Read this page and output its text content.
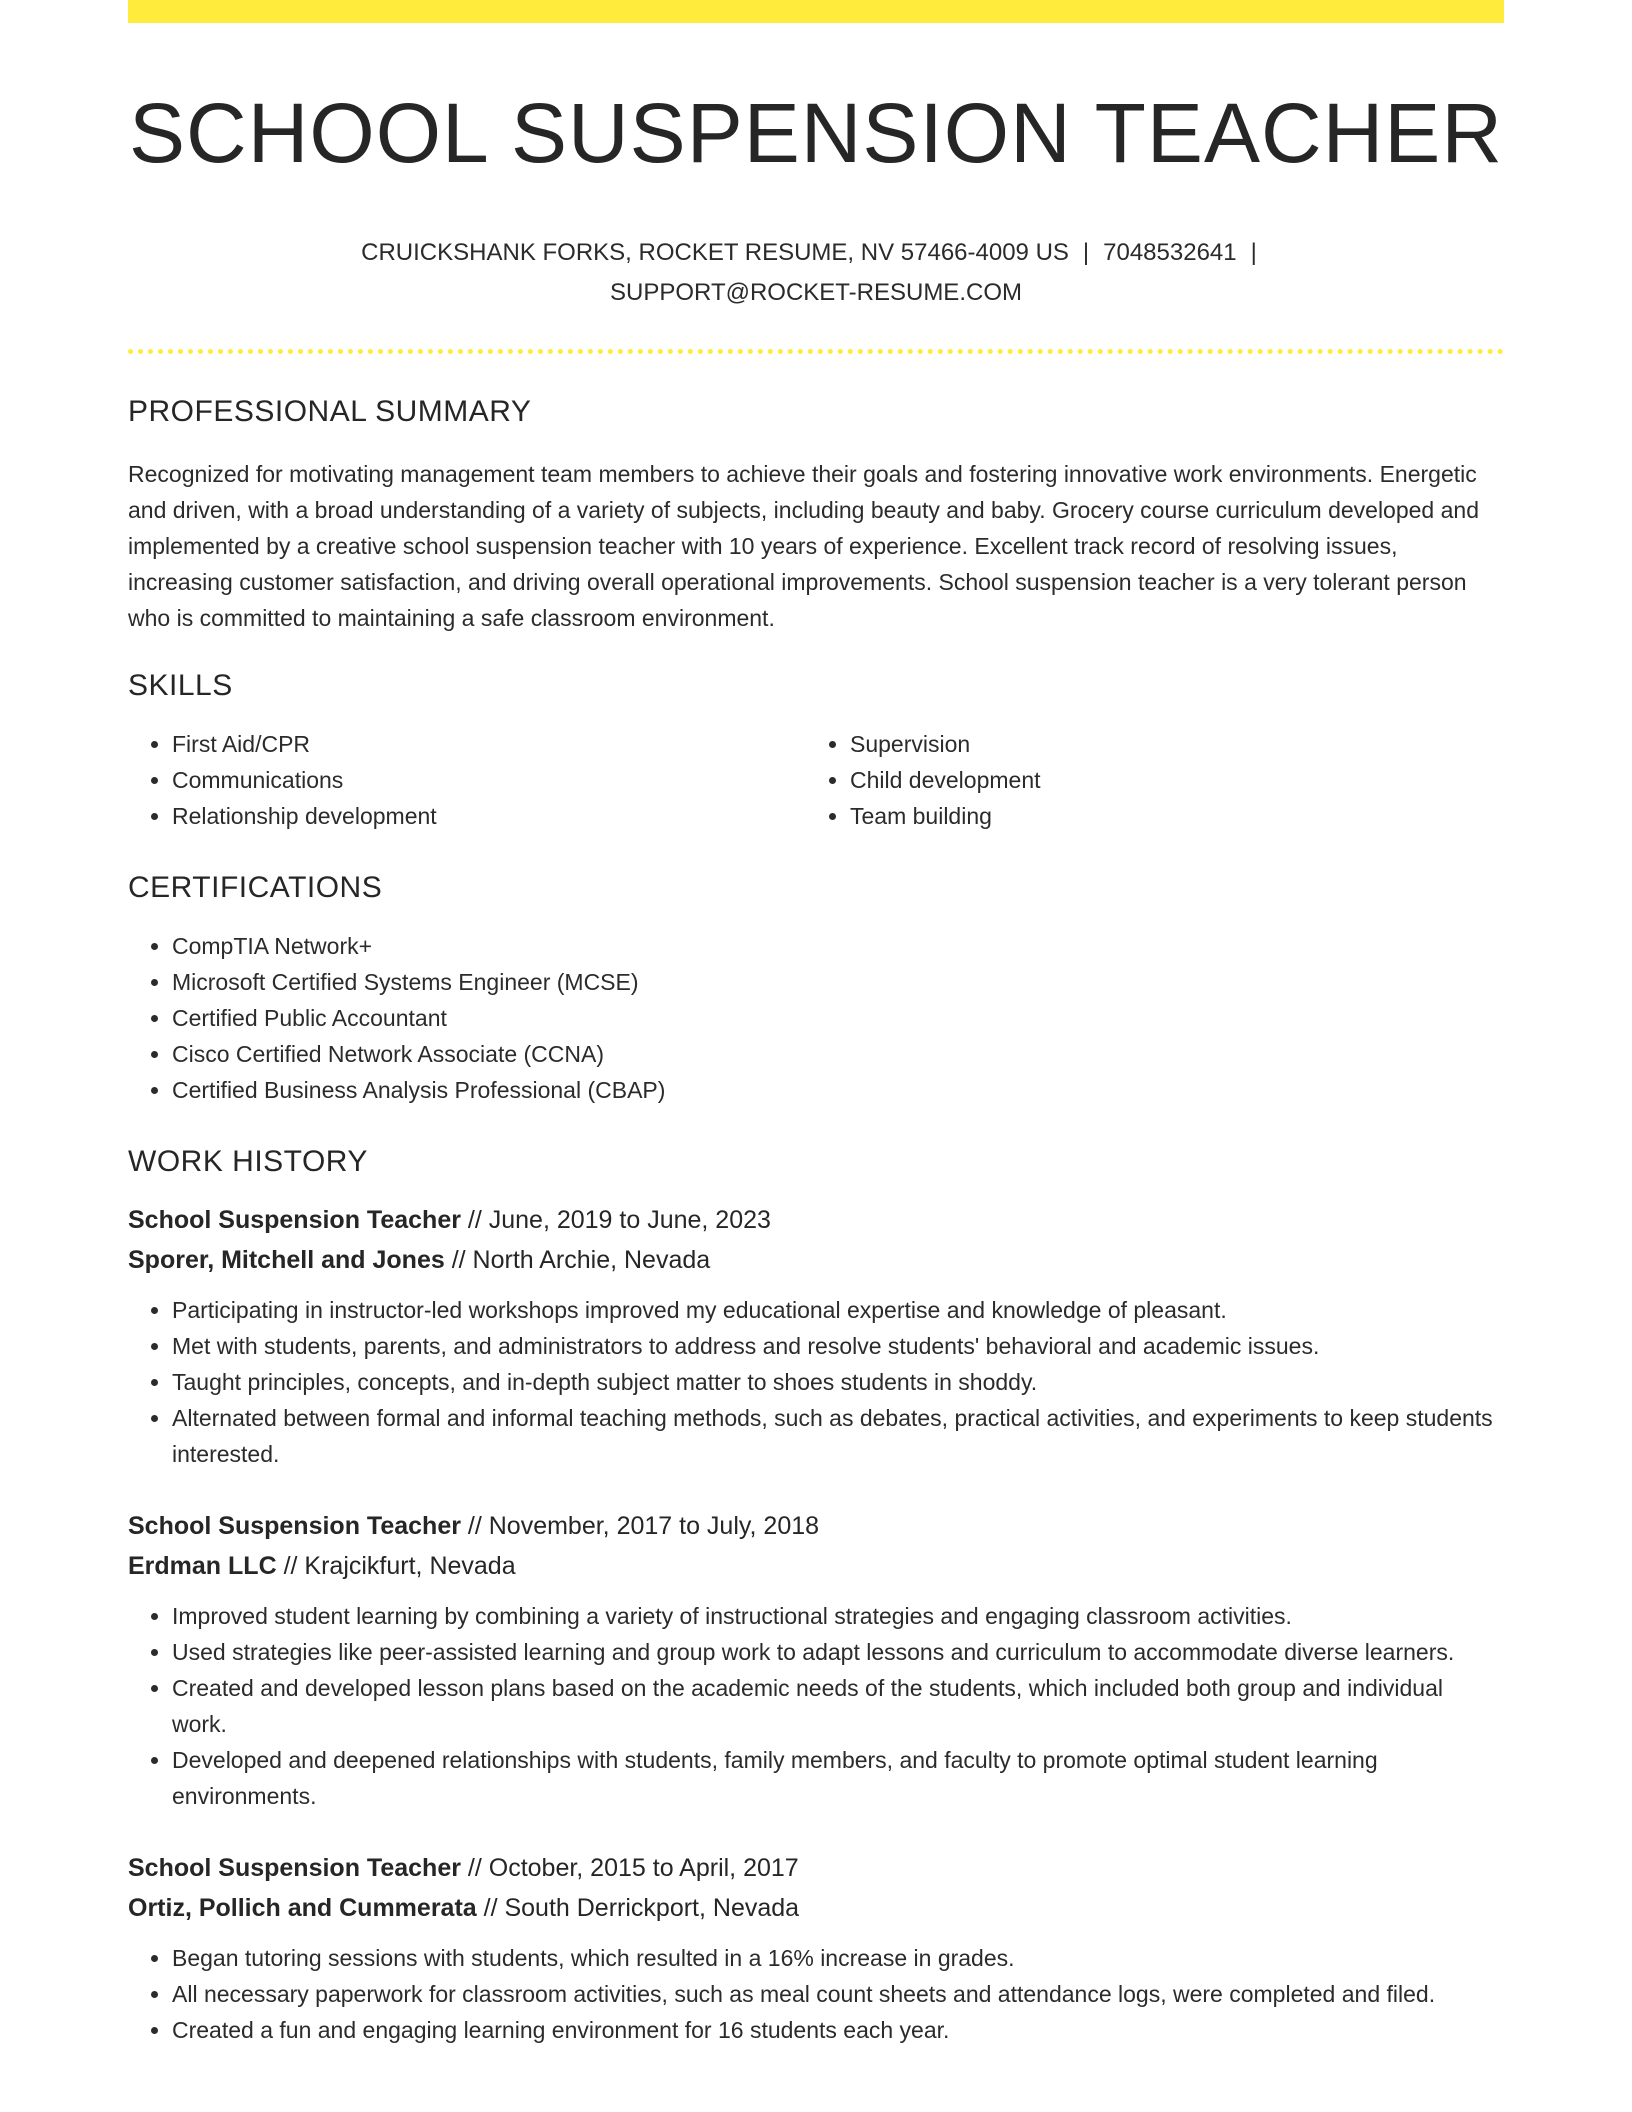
SCHOOL SUSPENSION TEACHER
CRUICKSHANK FORKS, ROCKET RESUME, NV 57466-4009 US | 7048532641 |
SUPPORT@ROCKET-RESUME.COM
PROFESSIONAL SUMMARY

Recognized for motivating management team members to achieve their goals and fostering innovative work environments. Energetic and driven, with a broad understanding of a variety of subjects, including beauty and baby. Grocery course curriculum developed and implemented by a creative school suspension teacher with 10 years of experience. Excellent track record of resolving issues, increasing customer satisfaction, and driving overall operational improvements. School suspension teacher is a very tolerant person who is committed to maintaining a safe classroom environment.

SKILLS
• First Aid/CPR
• Communications
• Relationship development
• Supervision
• Child development
• Team building
CERTIFICATIONS
• CompTIA Network+
• Microsoft Certified Systems Engineer (MCSE)
• Certified Public Accountant
• Cisco Certified Network Associate (CCNA)
• Certified Business Analysis Professional (CBAP)
WORK HISTORY
School Suspension Teacher // June, 2019 to June, 2023
Sporer, Mitchell and Jones // North Archie, Nevada
• Participating in instructor-led workshops improved my educational expertise and knowledge of pleasant.
• Met with students, parents, and administrators to address and resolve students' behavioral and academic issues.
• Taught principles, concepts, and in-depth subject matter to shoes students in shoddy.
• Alternated between formal and informal teaching methods, such as debates, practical activities, and experiments to keep students interested.
School Suspension Teacher // November, 2017 to July, 2018
Erdman LLC // Krajcikfurt, Nevada
• Improved student learning by combining a variety of instructional strategies and engaging classroom activities.
• Used strategies like peer-assisted learning and group work to adapt lessons and curriculum to accommodate diverse learners.
• Created and developed lesson plans based on the academic needs of the students, which included both group and individual work.
• Developed and deepened relationships with students, family members, and faculty to promote optimal student learning environments.
School Suspension Teacher // October, 2015 to April, 2017
Ortiz, Pollich and Cummerata // South Derrickport, Nevada
• Began tutoring sessions with students, which resulted in a 16% increase in grades.
• All necessary paperwork for classroom activities, such as meal count sheets and attendance logs, were completed and filed.
• Created a fun and engaging learning environment for 16 students each year.
